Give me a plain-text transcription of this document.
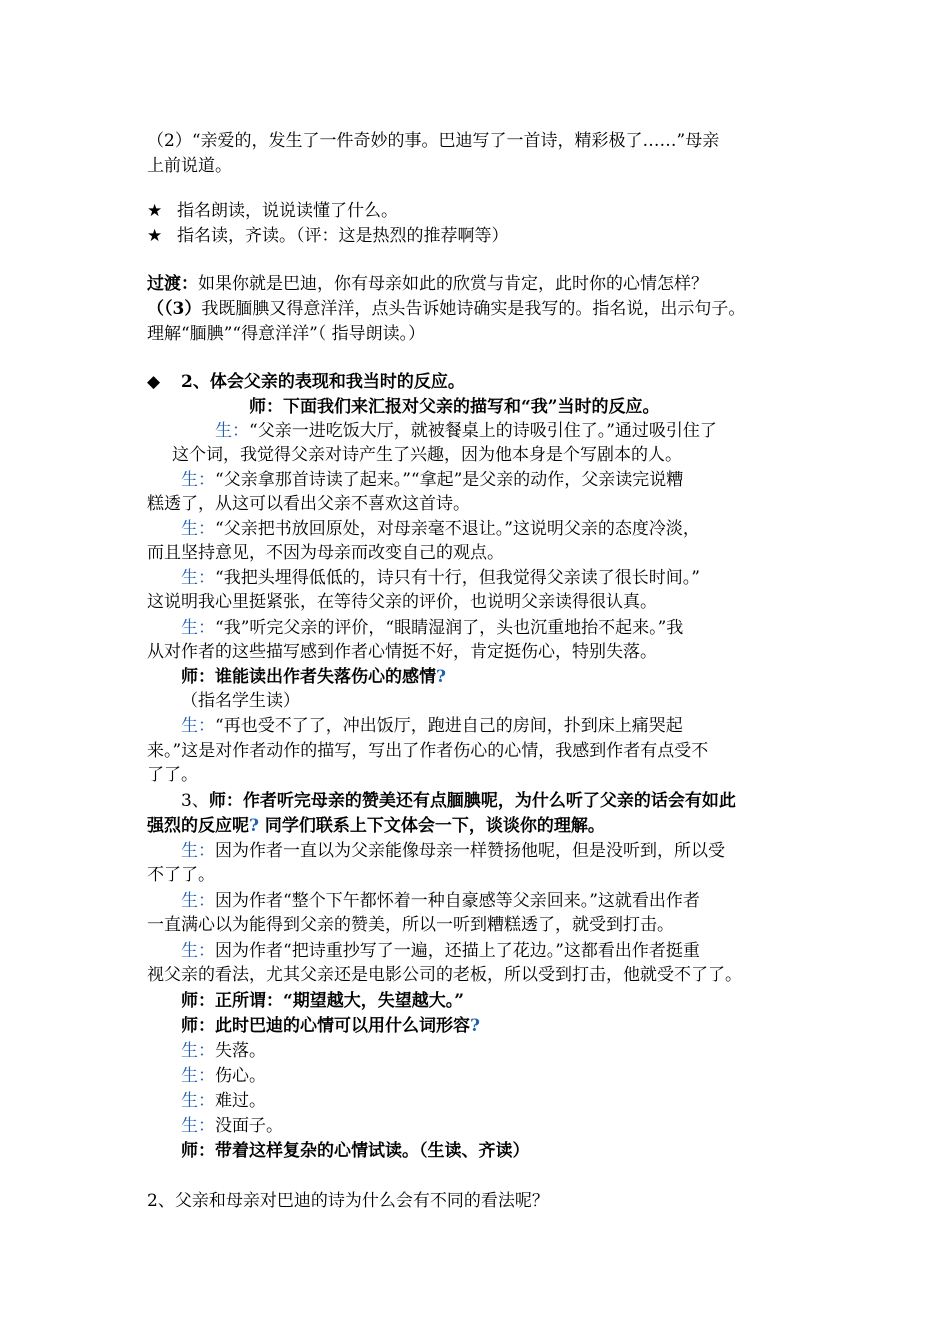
（2）“亲爱的，发生了一件奇妙的事。巴迪写了一首诗，精彩极了……”母亲
上前说道。
★ 指名朗读，说说读懂了什么。
★ 指名读，齐读。（评：这是热烈的推荐啊等）
过渡：如果你就是巴迪，你有母亲如此的欣赏与肯定，此时你的心情怎样？
（（3）我既腼腆又得意洋洋，点头告诉她诗确实是我写的。指名说，出示句子。
理解“腼腆”“得意洋洋”（ 指导朗读。）
◆ 2、体会父亲的表现和我当时的反应。
师：下面我们来汇报对父亲的描写和“我”当时的反应。
生：“父亲一进吃饭大厅，就被餐桌上的诗吸引住了。”通过吸引住了
这个词，我觉得父亲对诗产生了兴趣，因为他本身是个写剧本的人。
生：“父亲拿那首诗读了起来。”“拿起”是父亲的动作，父亲读完说糟
糕透了，从这可以看出父亲不喜欢这首诗。
生：“父亲把书放回原处，对母亲毫不退让。”这说明父亲的态度冷淡，
而且坚持意见，不因为母亲而改变自己的观点。
生：“我把头埋得低低的，诗只有十行，但我觉得父亲读了很长时间。”
这说明我心里挺紧张，在等待父亲的评价，也说明父亲读得很认真。
生：“我”听完父亲的评价，“眼睛湿润了，头也沉重地抬不起来。”我
从对作者的这些描写感到作者心情挺不好，肯定挺伤心，特别失落。
师：谁能读出作者失落伤心的感情?
（指名学生读）
生：“再也受不了了，冲出饭厅，跑进自己的房间，扑到床上痛哭起
来。”这是对作者动作的描写，写出了作者伤心的心情，我感到作者有点受不
了了。
3、师：作者听完母亲的赞美还有点腼腆呢，为什么听了父亲的话会有如此
强烈的反应呢? 同学们联系上下文体会一下，谈谈你的理解。
生：因为作者一直以为父亲能像母亲一样赞扬他呢，但是没听到，所以受
不了了。
生：因为作者“整个下午都怀着一种自豪感等父亲回来。”这就看出作者
一直满心以为能得到父亲的赞美，所以一听到糟糕透了，就受到打击。
生：因为作者“把诗重抄写了一遍，还描上了花边。”这都看出作者挺重
视父亲的看法，尤其父亲还是电影公司的老板，所以受到打击，他就受不了了。
师：正所谓：“期望越大，失望越大。”
师：此时巴迪的心情可以用什么词形容?
生：失落。
生：伤心。
生：难过。
生：没面子。
师：带着这样复杂的心情试读。（生读、齐读）
2、父亲和母亲对巴迪的诗为什么会有不同的看法呢？
